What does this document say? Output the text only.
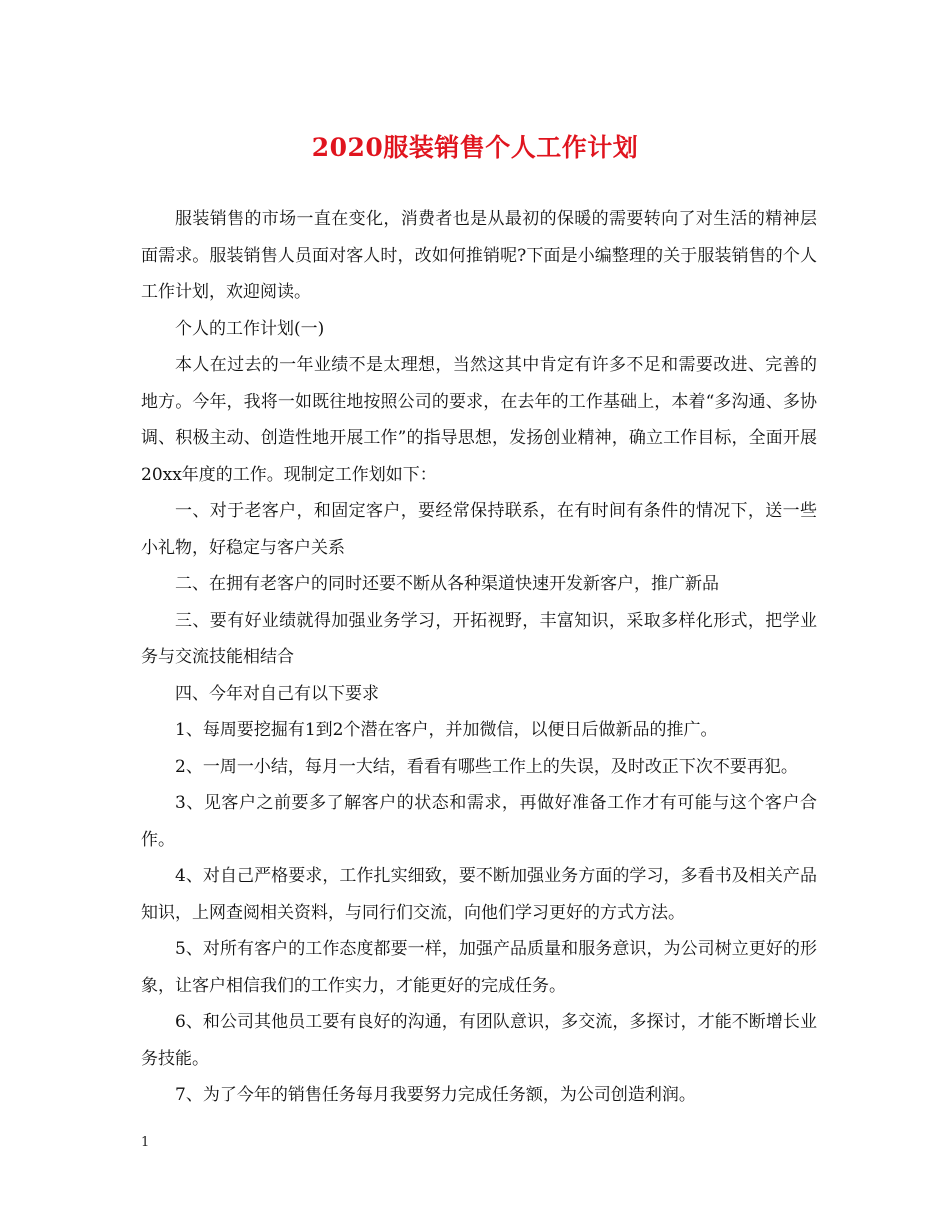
2020服装销售个人工作计划

服装销售的市场一直在变化，消费者也是从最初的保暖的需要转向了对生活的精神层面需求。服装销售人员面对客人时，改如何推销呢?下面是小编整理的关于服装销售的个人工作计划，欢迎阅读。

个人的工作计划(一)

本人在过去的一年业绩不是太理想，当然这其中肯定有许多不足和需要改进、完善的地方。今年，我将一如既往地按照公司的要求，在去年的工作基础上，本着“多沟通、多协调、积极主动、创造性地开展工作”的指导思想，发扬创业精神，确立工作目标，全面开展20xx年度的工作。现制定工作划如下：

一、对于老客户，和固定客户，要经常保持联系，在有时间有条件的情况下，送一些小礼物，好稳定与客户关系

二、在拥有老客户的同时还要不断从各种渠道快速开发新客户，推广新品

三、要有好业绩就得加强业务学习，开拓视野，丰富知识，采取多样化形式，把学业务与交流技能相结合

四、今年对自己有以下要求

1、每周要挖掘有1到2个潜在客户，并加微信，以便日后做新品的推广。

2、一周一小结，每月一大结，看看有哪些工作上的失误，及时改正下次不要再犯。

3、见客户之前要多了解客户的状态和需求，再做好准备工作才有可能与这个客户合作。

4、对自己严格要求，工作扎实细致，要不断加强业务方面的学习，多看书及相关产品知识，上网查阅相关资料，与同行们交流，向他们学习更好的方式方法。

5、对所有客户的工作态度都要一样，加强产品质量和服务意识，为公司树立更好的形象，让客户相信我们的工作实力，才能更好的完成任务。

6、和公司其他员工要有良好的沟通，有团队意识，多交流，多探讨，才能不断增长业务技能。

7、为了今年的销售任务每月我要努力完成任务额，为公司创造利润。

1
